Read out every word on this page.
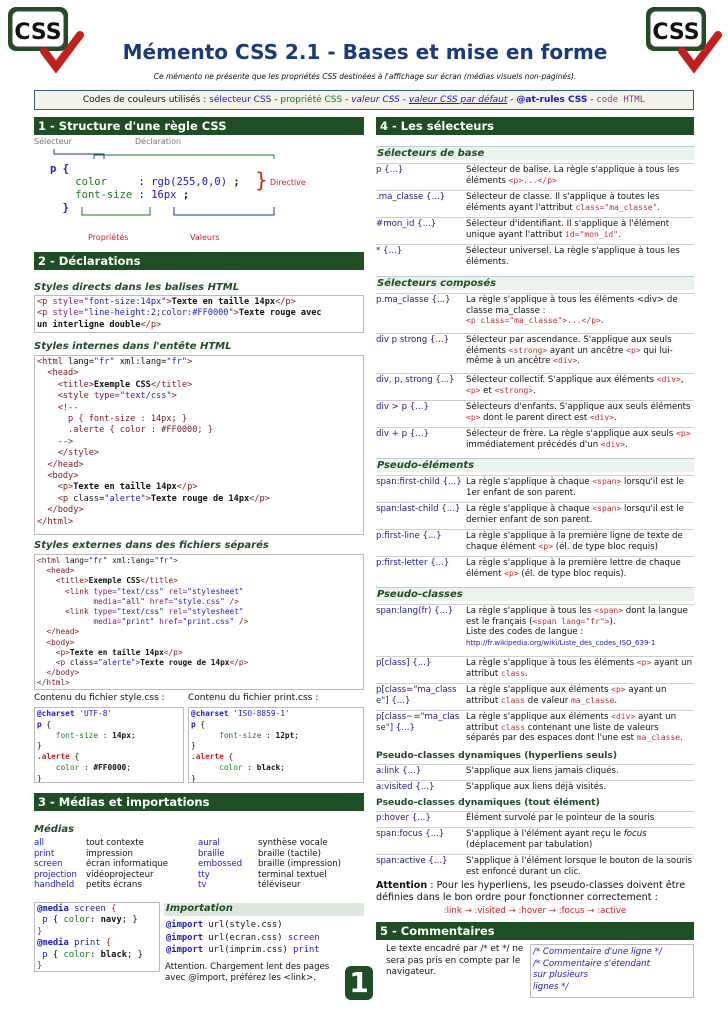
CSS	CSS
Mémento CSS 2.1 - Bases et mise en forme
Ce mémento ne présente que les propriétés CSS destinées à l'affichage sur écran (médias visuels non-paginés).
Codes de couleurs utilisés : sélecteur CSS - propriété CSS - valeur CSS - valeur CSS par défaut - @at-rules CSS - code HTML
1 - Structure d'une règle CSS
Sélecteur	Déclaration
p {
color	: rgb(255,0,0) ;
font-size : 16px ;
}
} Directive
Propriétés	Valeurs
2 - Déclarations
Styles directs dans les balises HTML
<p style="font-size:14px">Texte en taille 14px</p>
<p style="line-height:2;color:#FF0000">Texte rouge avec
un interligne double</p>
Styles internes dans l'entête HTML
<html lang="fr" xml:lang="fr">
<head>
<title>Exemple CSS</title>
<style type="text/css">
<!--
p { font-size : 14px; }
.alerte { color : #FF0000; }
-->
</style>
</head>
<body>
<p>Texte en taille 14px</p>
<p class="alerte">Texte rouge de 14px</p>
</body>
</html>
Styles externes dans des fichiers séparés
<html lang="fr" xml:lang="fr">
<head>
<title>Exemple CSS</title>
<link type="text/css" rel="stylesheet"
media="all" href="style.css" />
<link type="text/css" rel="stylesheet"
media="print" href="print.css" />
</head>
<body>
<p>Texte en taille 14px</p>
<p class="alerte">Texte rouge de 14px</p>
</body>
</html>
Contenu du fichier style.css :	Contenu du fichier print.css :
@charset 'UTF-8'
p {
font-size : 14px;
}
.alerte {
color : #FF0000;
}
@charset 'ISO-8859-1'
p {
font-size : 12pt;
}
.alerte {
color : black;
}
3 - Médias et importations
Médias
all	tout contexte	aural	synthèse vocale
print	impression	braille	braille (tactile)
screen	écran informatique	embossed	braille (impression)
projection	vidéoprojecteur	tty	terminal textuel
handheld	petits écrans	tv	téléviseur
@media screen {
p { color: navy; }
}
@media print {
p { color: black; }
}
Importation
@import url(style.css)
@import url(ecran.css) screen
@import url(imprim.css) print
Attention. Chargement lent des pages avec @import, préférez les <link>.	1
4 - Les sélecteurs
Sélecteurs de base
p {...}	Sélecteur de balise. La règle s'applique à tous les éléments <p>...</p>
.ma_classe {...}	Sélecteur de classe. Il s'applique à toutes les éléments ayant l'attribut class="ma_classe".
#mon_id {...}	Sélecteur d'identifiant. Il s'applique à l'élément unique ayant l'attribut id="mon_id".
* {...}	Sélecteur universel. La règle s'applique à tous les éléments.
Sélecteurs composés
p.ma_classe {...}	La règle s'applique à tous les éléments <div> de classe ma_classe :
<p class="ma_classe">...</p>.
div p strong {...}	Sélecteur par ascendance. S'applique aux seuls éléments <strong> ayant un ancêtre <p> qui lui-même à un ancêtre <div>.
div, p, strong {...}	Sélecteur collectif. S'applique aux éléments <div>, <p> et <strong>.
div > p {...}	Sélecteurs d'enfants. S'applique aux seuls éléments <p> dont le parent direct est <div>.
div + p {...}	Sélecteur de frère. La règle s'applique aux seuls <p> immédiatement précédés d'un <div>.
Pseudo-éléments
span:first-child {...} La règle s'applique à chaque <span> lorsqu'il est le 1er enfant de son parent.
span:last-child {...} La règle s'applique à chaque <span> lorsqu'il est le dernier enfant de son parent.
p:first-line {...}	La règle s'applique à la première ligne de texte de chaque élément <p> (él. de type bloc requis)
p:first-letter {...}	La règle s'applique à la première lettre de chaque élément <p> (él. de type bloc requis).
Pseudo-classes
span:lang(fr) {...}	La règle s'applique à tous les <span> dont la langue est le français (<span lang="fr">).
Liste des codes de langue :
http://fr.wikipedia.org/wiki/Liste_des_codes_ISO_639-1
p[class] {...}	La règle s'applique à tous les éléments <p> ayant un attribut class.
p[class="ma_class
e"] {...}
La règle s'applique aux éléments <p> ayant un attribut class de valeur ma_classe.
p[class~="ma_clas
se"] {...}
La règle s'applique aux éléments <div> ayant un attribut class contenant une liste de valeurs séparés par des espaces dont l'une est ma_classe.
Pseudo-classes dynamiques (hyperliens seuls)
a:link {...}	S'applique aux liens jamais cliqués.
a:visited {...}	S'applique aux liens déjà visités.
Pseudo-classes dynamiques (tout élément)
p:hover {...}	Élément survolé par le pointeur de la souris
span:focus {...}	S'applique à l'élément ayant reçu le focus (déplacement par tabulation)
span:active {...}	S'applique à l'élément lorsque le bouton de la souris est enfoncé durant un clic.
Attention : Pour les hyperliens, les pseudo-classes doivent être définies dans le bon ordre pour fonctionner correctement :
:link → :visited → :hover → :focus → :active
5 - Commentaires
Le texte encadré par /* et */ ne sera pas pris en compte par le navigateur.
/* Commentaire d'une ligne */
/* Commentaire s'étendant
sur plusieurs
lignes */
